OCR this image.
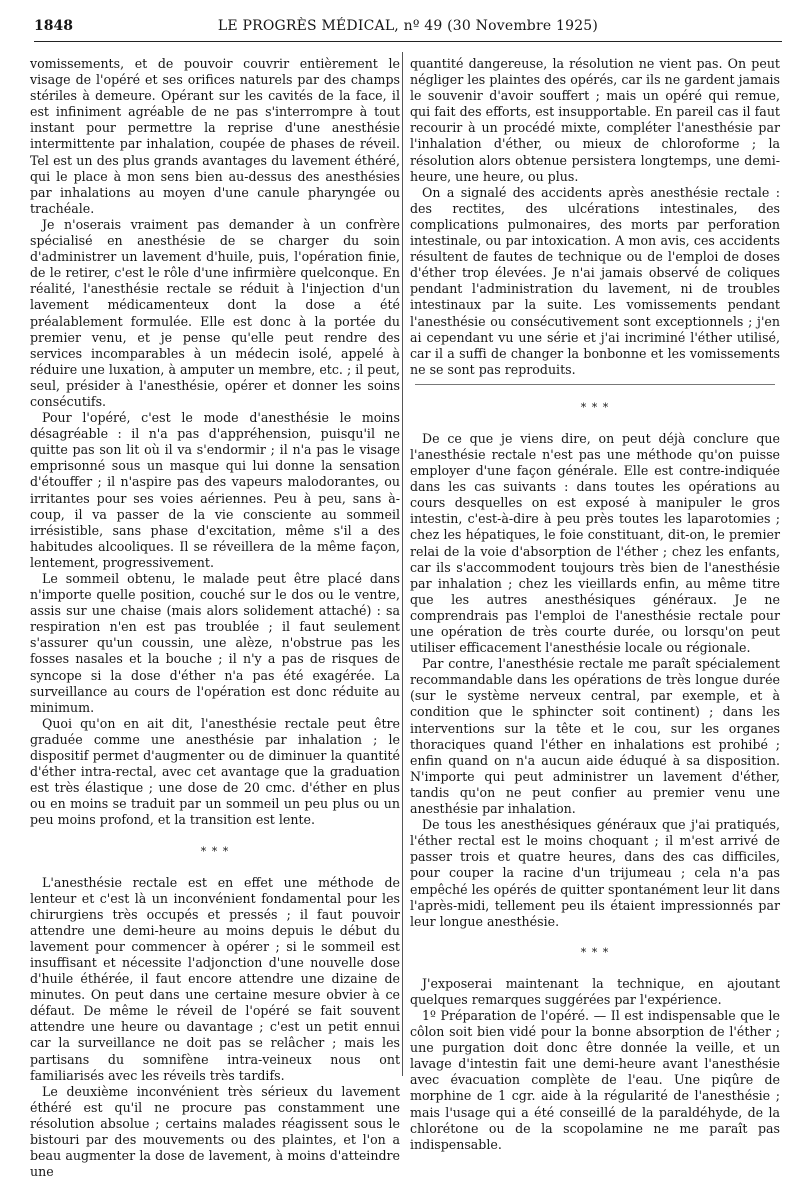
1848	LE PROGRÈS MÉDICAL, nº 49 (30 Novembre 1925)

vomissements, et de pouvoir couvrir entièrement le visage de l'opéré et ses orifices naturels par des champs stériles à demeure. Opérant sur les cavités de la face, il est infiniment agréable de ne pas s'interrompre à tout instant pour permettre la reprise d'une anesthésie intermittente par inhalation, coupée de phases de réveil. Tel est un des plus grands avantages du lavement éthéré, qui le place à mon sens bien au-dessus des anesthésies par inhalations au moyen d'une canule pharyngée ou trachéale.

Je n'oserais vraiment pas demander à un confrère spécialisé en anesthésie de se charger du soin d'administrer un lavement d'huile, puis, l'opération finie, de le retirer, c'est le rôle d'une infirmière quelconque. En réalité, l'anesthésie rectale se réduit à l'injection d'un lavement médicamenteux dont la dose a été préalablement formulée. Elle est donc à la portée du premier venu, et je pense qu'elle peut rendre des services incomparables à un médecin isolé, appelé à réduire une luxation, à amputer un membre, etc. ; il peut, seul, présider à l'anesthésie, opérer et donner les soins consécutifs.

Pour l'opéré, c'est le mode d'anesthésie le moins désagréable : il n'a pas d'appréhension, puisqu'il ne quitte pas son lit où il va s'endormir ; il n'a pas le visage emprisonné sous un masque qui lui donne la sensation d'étouffer ; il n'aspire pas des vapeurs malodorantes, ou irritantes pour ses voies aériennes. Peu à peu, sans à-coup, il va passer de la vie consciente au sommeil irrésistible, sans phase d'excitation, même s'il a des habitudes alcooliques. Il se réveillera de la même façon, lentement, progressivement.

Le sommeil obtenu, le malade peut être placé dans n'importe quelle position, couché sur le dos ou le ventre, assis sur une chaise (mais alors solidement attaché) : sa respiration n'en est pas troublée ; il faut seulement s'assurer qu'un coussin, une alèze, n'obstrue pas les fosses nasales et la bouche ; il n'y a pas de risques de syncope si la dose d'éther n'a pas été exagérée. La surveillance au cours de l'opération est donc réduite au minimum.

Quoi qu'on en ait dit, l'anesthésie rectale peut être graduée comme une anesthésie par inhalation ; le dispositif permet d'augmenter ou de diminuer la quantité d'éther intra-rectal, avec cet avantage que la graduation est très élastique ; une dose de 20 cmc. d'éther en plus ou en moins se traduit par un sommeil un peu plus ou un peu moins profond, et la transition est lente.

* * *

L'anesthésie rectale est en effet une méthode de lenteur et c'est là un inconvénient fondamental pour les chirurgiens très occupés et pressés ; il faut pouvoir attendre une demi-heure au moins depuis le début du lavement pour commencer à opérer ; si le sommeil est insuffisant et nécessite l'adjonction d'une nouvelle dose d'huile éthérée, il faut encore attendre une dizaine de minutes. On peut dans une certaine mesure obvier à ce défaut. De même le réveil de l'opéré se fait souvent attendre une heure ou davantage ; c'est un petit ennui car la surveillance ne doit pas se relâcher ; mais les partisans du somnifène intra-veineux nous ont familiarisés avec les réveils très tardifs.

Le deuxième inconvénient très sérieux du lavement éthéré est qu'il ne procure pas constamment une résolution absolue ; certains malades réagissent sous le bistouri par des mouvements ou des plaintes, et l'on a beau augmenter la dose de lavement, à moins d'atteindre une

quantité dangereuse, la résolution ne vient pas. On peut négliger les plaintes des opérés, car ils ne gardent jamais le souvenir d'avoir souffert ; mais un opéré qui remue, qui fait des efforts, est insupportable. En pareil cas il faut recourir à un procédé mixte, compléter l'anesthésie par l'inhalation d'éther, ou mieux de chloroforme ; la résolution alors obtenue persistera longtemps, une demi-heure, une heure, ou plus.

On a signalé des accidents après anesthésie rectale : des rectites, des ulcérations intestinales, des complications pulmonaires, des morts par perforation intestinale, ou par intoxication. A mon avis, ces accidents résultent de fautes de technique ou de l'emploi de doses d'éther trop élevées. Je n'ai jamais observé de coliques pendant l'administration du lavement, ni de troubles intestinaux par la suite. Les vomissements pendant l'anesthésie ou consécutivement sont exceptionnels ; j'en ai cependant vu une série et j'ai incriminé l'éther utilisé, car il a suffi de changer la bonbonne et les vomissements ne se sont pas reproduits.

* * *

De ce que je viens dire, on peut déjà conclure que l'anesthésie rectale n'est pas une méthode qu'on puisse employer d'une façon générale. Elle est contre-indiquée dans les cas suivants : dans toutes les opérations au cours desquelles on est exposé à manipuler le gros intestin, c'est-à-dire à peu près toutes les laparotomies ; chez les hépatiques, le foie constituant, dit-on, le premier relai de la voie d'absorption de l'éther ; chez les enfants, car ils s'accommodent toujours très bien de l'anesthésie par inhalation ; chez les vieillards enfin, au même titre que les autres anesthésiques généraux. Je ne comprendrais pas l'emploi de l'anesthésie rectale pour une opération de très courte durée, ou lorsqu'on peut utiliser efficacement l'anesthésie locale ou régionale.

Par contre, l'anesthésie rectale me paraît spécialement recommandable dans les opérations de très longue durée (sur le système nerveux central, par exemple, et à condition que le sphincter soit continent) ; dans les interventions sur la tête et le cou, sur les organes thoraciques quand l'éther en inhalations est prohibé ; enfin quand on n'a aucun aide éduqué à sa disposition. N'importe qui peut administrer un lavement d'éther, tandis qu'on ne peut confier au premier venu une anesthésie par inhalation.

De tous les anesthésiques généraux que j'ai pratiqués, l'éther rectal est le moins choquant ; il m'est arrivé de passer trois et quatre heures, dans des cas difficiles, pour couper la racine d'un trijumeau ; cela n'a pas empêché les opérés de quitter spontanément leur lit dans l'après-midi, tellement peu ils étaient impressionnés par leur longue anesthésie.

* * *

J'exposerai maintenant la technique, en ajoutant quelques remarques suggérées par l'expérience.

1º Préparation de l'opéré. — Il est indispensable que le côlon soit bien vidé pour la bonne absorption de l'éther ; une purgation doit donc être donnée la veille, et un lavage d'intestin fait une demi-heure avant l'anesthésie avec évacuation complète de l'eau. Une piqûre de morphine de 1 cgr. aide à la régularité de l'anesthésie ; mais l'usage qui a été conseillé de la paraldéhyde, de la chlorétone ou de la scopolamine ne me paraît pas indispensable.
